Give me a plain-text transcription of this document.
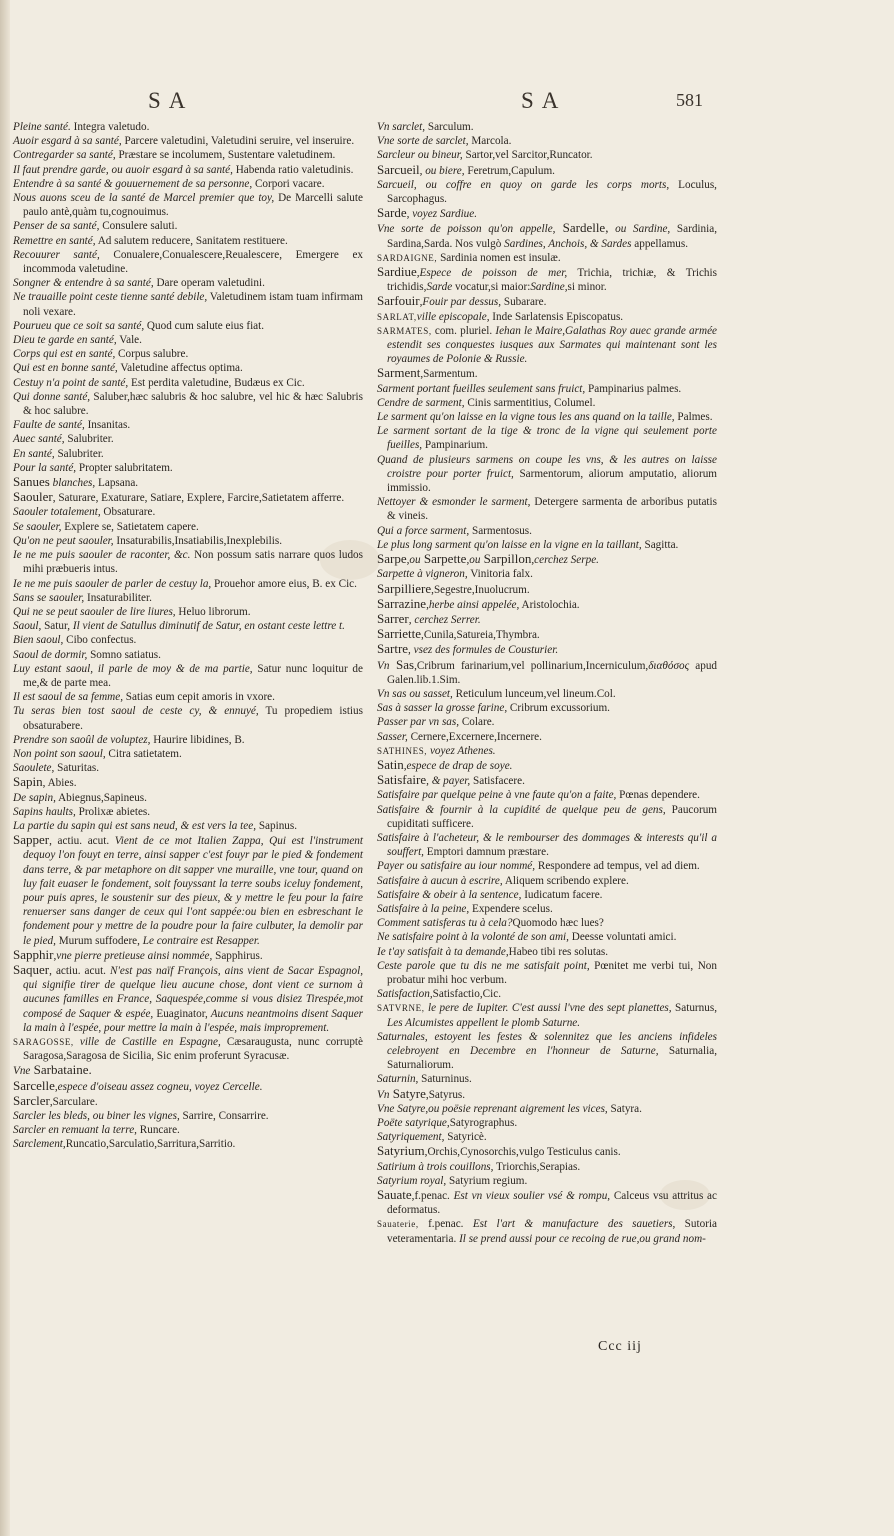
SA	SA	581

Pleine santé. Integra valetudo.

Auoir esgard à sa santé, Parcere valetudini, Valetudini seruire, vel inseruire.

Contregarder sa santé, Præstare se incolumem, Sustentare valetudinem.

Il faut prendre garde, ou auoir esgard à sa santé, Habenda ratio valetudinis.

Entendre à sa santé & gouuernement de sa personne, Corpori vacare.

Nous auons sceu de la santé de Marcel premier que toy, De Marcelli salute paulo antè,quàm tu,cognouimus.

Penser de sa santé, Consulere saluti.

Remettre en santé, Ad salutem reducere, Sanitatem restituere.

Recouurer santé, Conualere,Conualescere,Reualescere, Emergere ex incommoda valetudine.

Songner & entendre à sa santé, Dare operam valetudini.

Ne trauaille point ceste tienne santé debile, Valetudinem istam tuam infirmam noli vexare.

Pourueu que ce soit sa santé, Quod cum salute eius fiat.

Dieu te garde en santé, Vale.

Corps qui est en santé, Corpus salubre.

Qui est en bonne santé, Valetudine affectus optima.

Cestuy n'a point de santé, Est perdita valetudine, Budæus ex Cic.

Qui donne santé, Saluber,hæc salubris & hoc salubre, vel hic & hæc Salubris & hoc salubre.

Faulte de santé, Insanitas.

Auec santé, Salubriter.

En santé, Salubriter.

Pour la santé, Propter salubritatem.

Sanues blanches, Lapsana.

Saouler, Saturare, Exaturare, Satiare, Explere, Farcire,Satietatem afferre.

Saouler totalement, Obsaturare.

Se saouler, Explere se, Satietatem capere.

Qu'on ne peut saouler, Insaturabilis,Insatiabilis,Inexplebilis.

Ie ne me puis saouler de raconter, &c. Non possum satis narrare quos ludos mihi præbueris intus.

Ie ne me puis saouler de parler de cestuy la, Prouehor amore eius, B. ex Cic.

Sans se saouler, Insaturabiliter.

Qui ne se peut saouler de lire liures, Heluo librorum.

Saoul, Satur, Il vient de Satullus diminutif de Satur, en ostant ceste lettre t.

Bien saoul, Cibo confectus.

Saoul de dormir, Somno satiatus.

Luy estant saoul, il parle de moy & de ma partie, Satur nunc loquitur de me,& de parte mea.

Il est saoul de sa femme, Satias eum cepit amoris in vxore.

Tu seras bien tost saoul de ceste cy, & ennuyé, Tu propediem istius obsaturabere.

Prendre son saoûl de voluptez, Haurire libidines, B.

Non point son saoul, Citra satietatem.

Saoulete, Saturitas.

Sapin, Abies.

De sapin, Abiegnus,Sapineus.

Sapins haults, Prolixæ abietes.

La partie du sapin qui est sans neud, & est vers la tee, Sapinus.

Sapper, actiu. acut. Vient de ce mot Italien Zappa, Qui est l'instrument dequoy l'on fouyt en terre, ainsi sapper c'est fouyr par le pied & fondement dans terre, & par metaphore on dit sapper vne muraille, vne tour, quand on luy fait euaser le fondement, soit fouyssant la terre soubs iceluy fondement, pour puis apres, le soustenir sur des pieux, & y mettre le feu pour la faire renuerser sans danger de ceux qui l'ont sappée:ou bien en esbreschant le fondement pour y mettre de la poudre pour la faire culbuter, la demolir par le pied, Murum suffodere, Le contraire est Resapper.

Sapphir,vne pierre pretieuse ainsi nommée, Sapphirus.

Saquer, actiu. acut. N'est pas naïf François, ains vient de Sacar Espagnol, qui signifie tirer de quelque lieu aucune chose, dont vient ce surnom à aucunes familles en France, Saquespée,comme si vous disiez Tirespée,mot composé de Saquer & espée, Euaginator, Aucuns neantmoins disent Saquer la main à l'espée, pour mettre la main à l'espée, mais improprement.

SARAGOSSE, ville de Castille en Espagne, Cæsaraugusta, nunc corruptè Saragosa,Saragosa de Sicilia, Sic enim proferunt Syracusæ.

Vne Sarbataine.

Sarcelle,espece d'oiseau assez cogneu, voyez Cercelle.

Sarcler,Sarculare.

Sarcler les bleds, ou biner les vignes, Sarrire, Consarrire.

Sarcler en remuant la terre, Runcare.

Sarclement,Runcatio,Sarculatio,Sarritura,Sarritio.

Vn sarclet, Sarculum.

Vne sorte de sarclet, Marcola.

Sarcleur ou bineur, Sartor,vel Sarcitor,Runcator.

Sarcueil, ou biere, Feretrum,Capulum.

Sarcueil, ou coffre en quoy on garde les corps morts, Loculus, Sarcophagus.

Sarde, voyez Sardiue.

Vne sorte de poisson qu'on appelle, Sardelle, ou Sardine, Sardinia, Sardina,Sarda. Nos vulgò Sardines, Anchois, & Sardes appellamus.

SARDAIGNE, Sardinia nomen est insulæ.

Sardiue,Espece de poisson de mer, Trichia, trichiæ, & Trichis trichidis,Sarde vocatur,si maior:Sardine,si minor.

Sarfouir,Fouir par dessus, Subarare.

SARLAT,ville episcopale, Inde Sarlatensis Episcopatus.

SARMATES, com. pluriel. Iehan le Maire,Galathas Roy auec grande armée estendit ses conquestes iusques aux Sarmates qui maintenant sont les royaumes de Polonie & Russie.

Sarment,Sarmentum.

Sarment portant fueilles seulement sans fruict, Pampinarius palmes.

Cendre de sarment, Cinis sarmentitius, Columel.

Le sarment qu'on laisse en la vigne tous les ans quand on la taille, Palmes.

Le sarment sortant de la tige & tronc de la vigne qui seulement porte fueilles, Pampinarium.

Quand de plusieurs sarmens on coupe les vns, & les autres on laisse croistre pour porter fruict, Sarmentorum, aliorum amputatio, aliorum immissio.

Nettoyer & esmonder le sarment, Detergere sarmenta de arboribus putatis & vineis.

Qui a force sarment, Sarmentosus.

Le plus long sarment qu'on laisse en la vigne en la taillant, Sagitta.

Sarpe,ou Sarpette,ou Sarpillon,cerchez Serpe.

Sarpette à vigneron, Vinitoria falx.

Sarpilliere,Segestre,Inuolucrum.

Sarrazine,herbe ainsi appelée, Aristolochia.

Sarrer, cerchez Serrer.

Sarriette,Cunila,Satureia,Thymbra.

Sartre, vsez des formules de Cousturier.

Vn Sas,Cribrum farinarium,vel pollinarium,Incerniculum,διαθόσος apud Galen.lib.1.Sim.

Vn sas ou sasset, Reticulum lunceum,vel lineum.Col.

Sas à sasser la grosse farine, Cribrum excussorium.

Passer par vn sas, Colare.

Sasser, Cernere,Excernere,Incernere.

SATHINES, voyez Athenes.

Satin,espece de drap de soye.

Satisfaire, & payer, Satisfacere.

Satisfaire par quelque peine à vne faute qu'on a faite, Pœnas dependere.

Satisfaire & fournir à la cupidité de quelque peu de gens, Paucorum cupiditati sufficere.

Satisfaire à l'acheteur, & le rembourser des dommages & interests qu'il a souffert, Emptori damnum præstare.

Payer ou satisfaire au iour nommé, Respondere ad tempus, vel ad diem.

Satisfaire à aucun à escrire, Aliquem scribendo explere.

Satisfaire & obeir à la sentence, Iudicatum facere.

Satisfaire à la peine, Expendere scelus.

Comment satisferas tu à cela?Quomodo hæc lues?

Ne satisfaire point à la volonté de son ami, Deesse voluntati amici.

Ie t'ay satisfait à ta demande,Habeo tibi res solutas.

Ceste parole que tu dis ne me satisfait point, Pœnitet me verbi tui, Non probatur mihi hoc verbum.

Satisfaction,Satisfactio,Cic.

SATVRNE, le pere de Iupiter. C'est aussi l'vne des sept planettes, Saturnus, Les Alcumistes appellent le plomb Saturne.

Saturnales, estoyent les festes & solennitez que les anciens infideles celebroyent en Decembre en l'honneur de Saturne, Saturnalia, Saturnaliorum.

Saturnin, Saturninus.

Vn Satyre,Satyrus.

Vne Satyre,ou poësie reprenant aigrement les vices, Satyra.

Poëte satyrique,Satyrographus.

Satyriquement, Satyricè.

Satyrium,Orchis,Cynosorchis,vulgo Testiculus canis.

Satirium à trois couillons, Triorchis,Serapias.

Satyrium royal, Satyrium regium.

Sauate,f.penac. Est vn vieux soulier vsé & rompu, Calceus vsu attritus ac deformatus.

Sauaterie, f.penac. Est l'art & manufacture des sauetiers, Sutoria veteramentaria. Il se prend aussi pour ce recoing de rue,ou grand nom-

Ccc iij
